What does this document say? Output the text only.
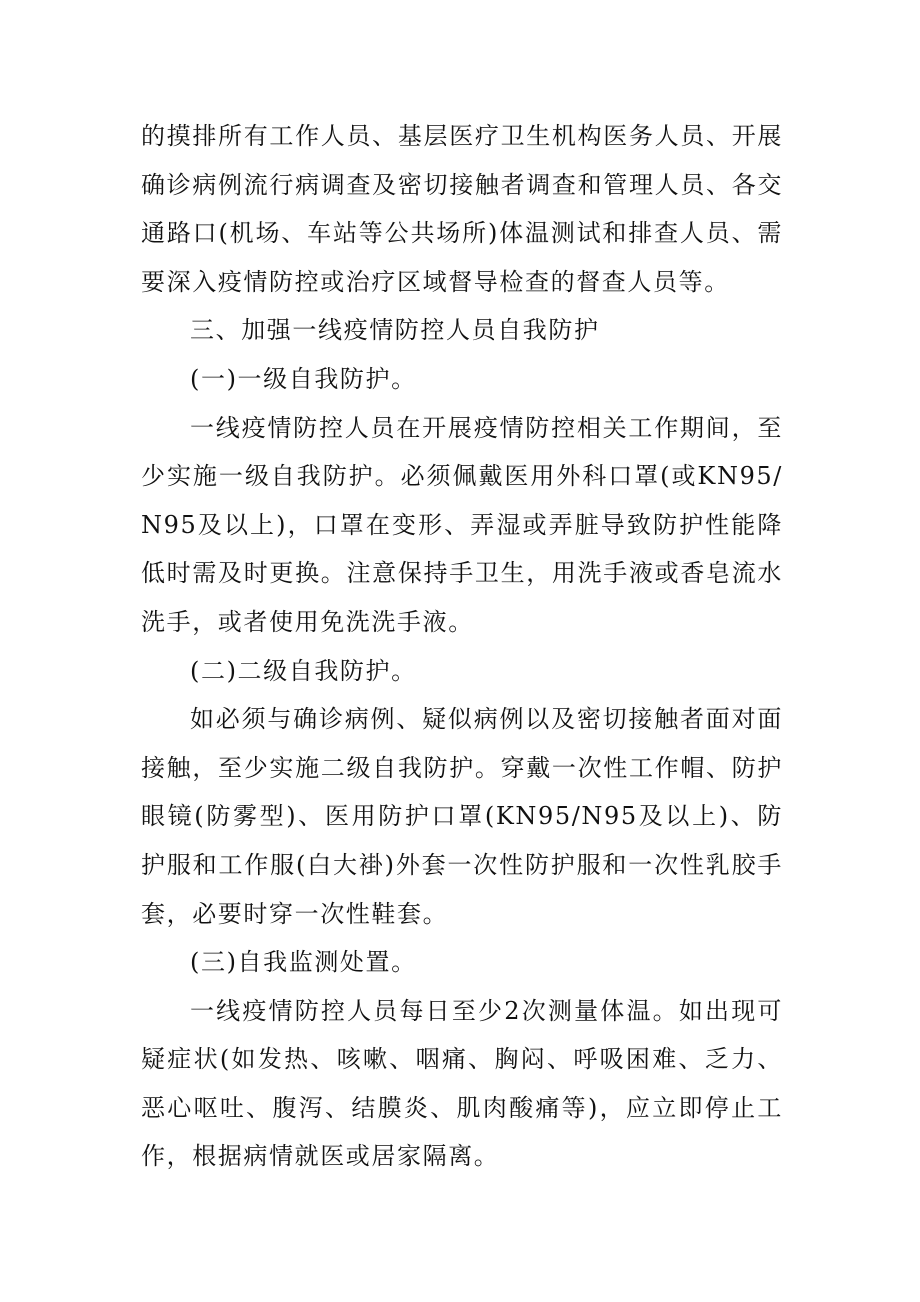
的摸排所有工作人员、基层医疗卫生机构医务人员、开展确诊病例流行病调查及密切接触者调查和管理人员、各交通路口(机场、车站等公共场所)体温测试和排查人员、需要深入疫情防控或治疗区域督导检查的督查人员等。

三、加强一线疫情防控人员自我防护

(一)一级自我防护。

一线疫情防控人员在开展疫情防控相关工作期间，至少实施一级自我防护。必须佩戴医用外科口罩(或KN95/N95及以上)，口罩在变形、弄湿或弄脏导致防护性能降低时需及时更换。注意保持手卫生，用洗手液或香皂流水洗手，或者使用免洗洗手液。

(二)二级自我防护。

如必须与确诊病例、疑似病例以及密切接触者面对面接触，至少实施二级自我防护。穿戴一次性工作帽、防护眼镜(防雾型)、医用防护口罩(KN95/N95及以上)、防护服和工作服(白大褂)外套一次性防护服和一次性乳胶手套，必要时穿一次性鞋套。

(三)自我监测处置。

一线疫情防控人员每日至少2次测量体温。如出现可疑症状(如发热、咳嗽、咽痛、胸闷、呼吸困难、乏力、恶心呕吐、腹泻、结膜炎、肌肉酸痛等)，应立即停止工作，根据病情就医或居家隔离。
